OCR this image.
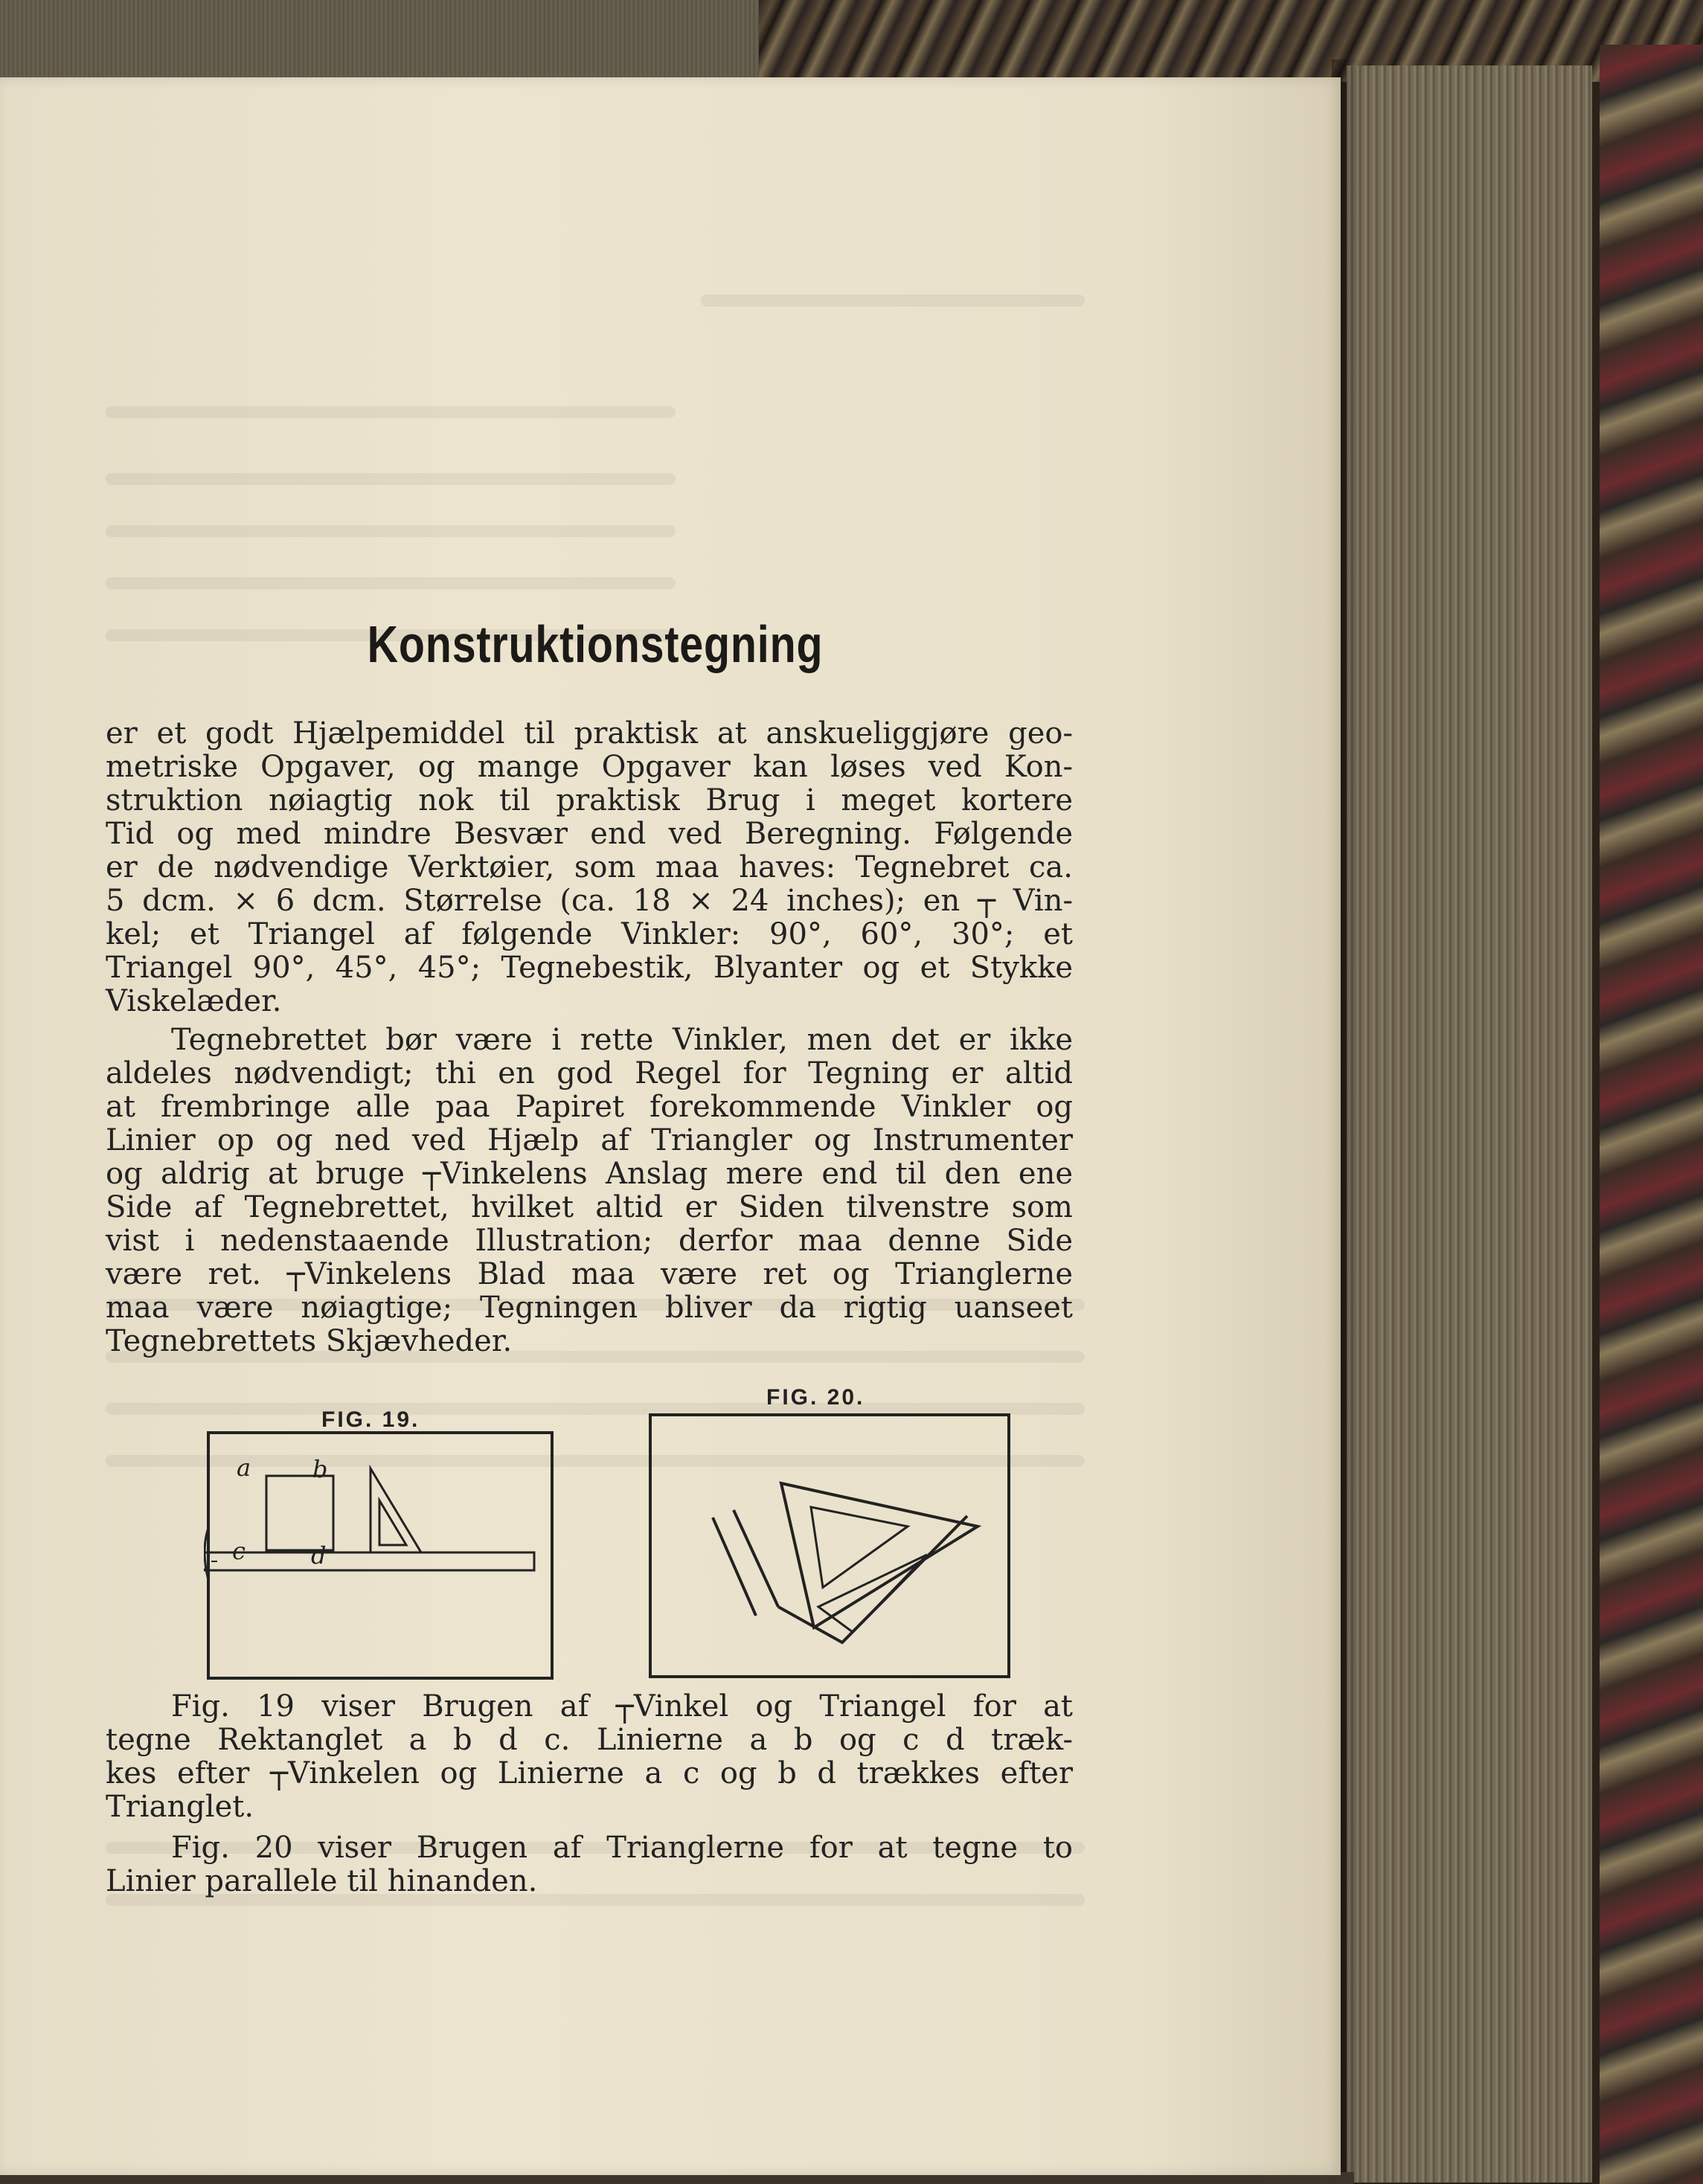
Konstruktionstegning
er et godt Hjælpemiddel til praktisk at anskueliggjøre geo-
metriske Opgaver, og mange Opgaver kan løses ved Kon-
struktion nøiagtig nok til praktisk Brug i meget kortere
Tid og med mindre Besvær end ved Beregning. Følgende
er de nødvendige Verktøier, som maa haves: Tegnebret ca.
5 dcm. × 6 dcm. Størrelse (ca. 18 × 24 inches); en ┬ Vin-
kel; et Triangel af følgende Vinkler: 90°, 60°, 30°; et
Triangel 90°, 45°, 45°; Tegnebestik, Blyanter og et Stykke
Viskelæder.
Tegnebrettet bør være i rette Vinkler, men det er ikke
aldeles nødvendigt; thi en god Regel for Tegning er altid
at frembringe alle paa Papiret forekommende Vinkler og
Linier op og ned ved Hjælp af Triangler og Instrumenter
og aldrig at bruge ┬Vinkelens Anslag mere end til den ene
Side af Tegnebrettet, hvilket altid er Siden tilvenstre som
vist i nedenstaaende Illustration; derfor maa denne Side
være ret. ┬Vinkelens Blad maa være ret og Trianglerne
maa være nøiagtige; Tegningen bliver da rigtig uanseet
Tegnebrettets Skjævheder.
FIG. 19.
a	b
c	d
FIG. 20.
Fig. 19 viser Brugen af ┬Vinkel og Triangel for at
tegne Rektanglet a b d c. Linierne a b og c d træk-
kes efter ┬Vinkelen og Linierne a c og b d trækkes efter
Trianglet.
Fig. 20 viser Brugen af Trianglerne for at tegne to
Linier parallele til hinanden.
